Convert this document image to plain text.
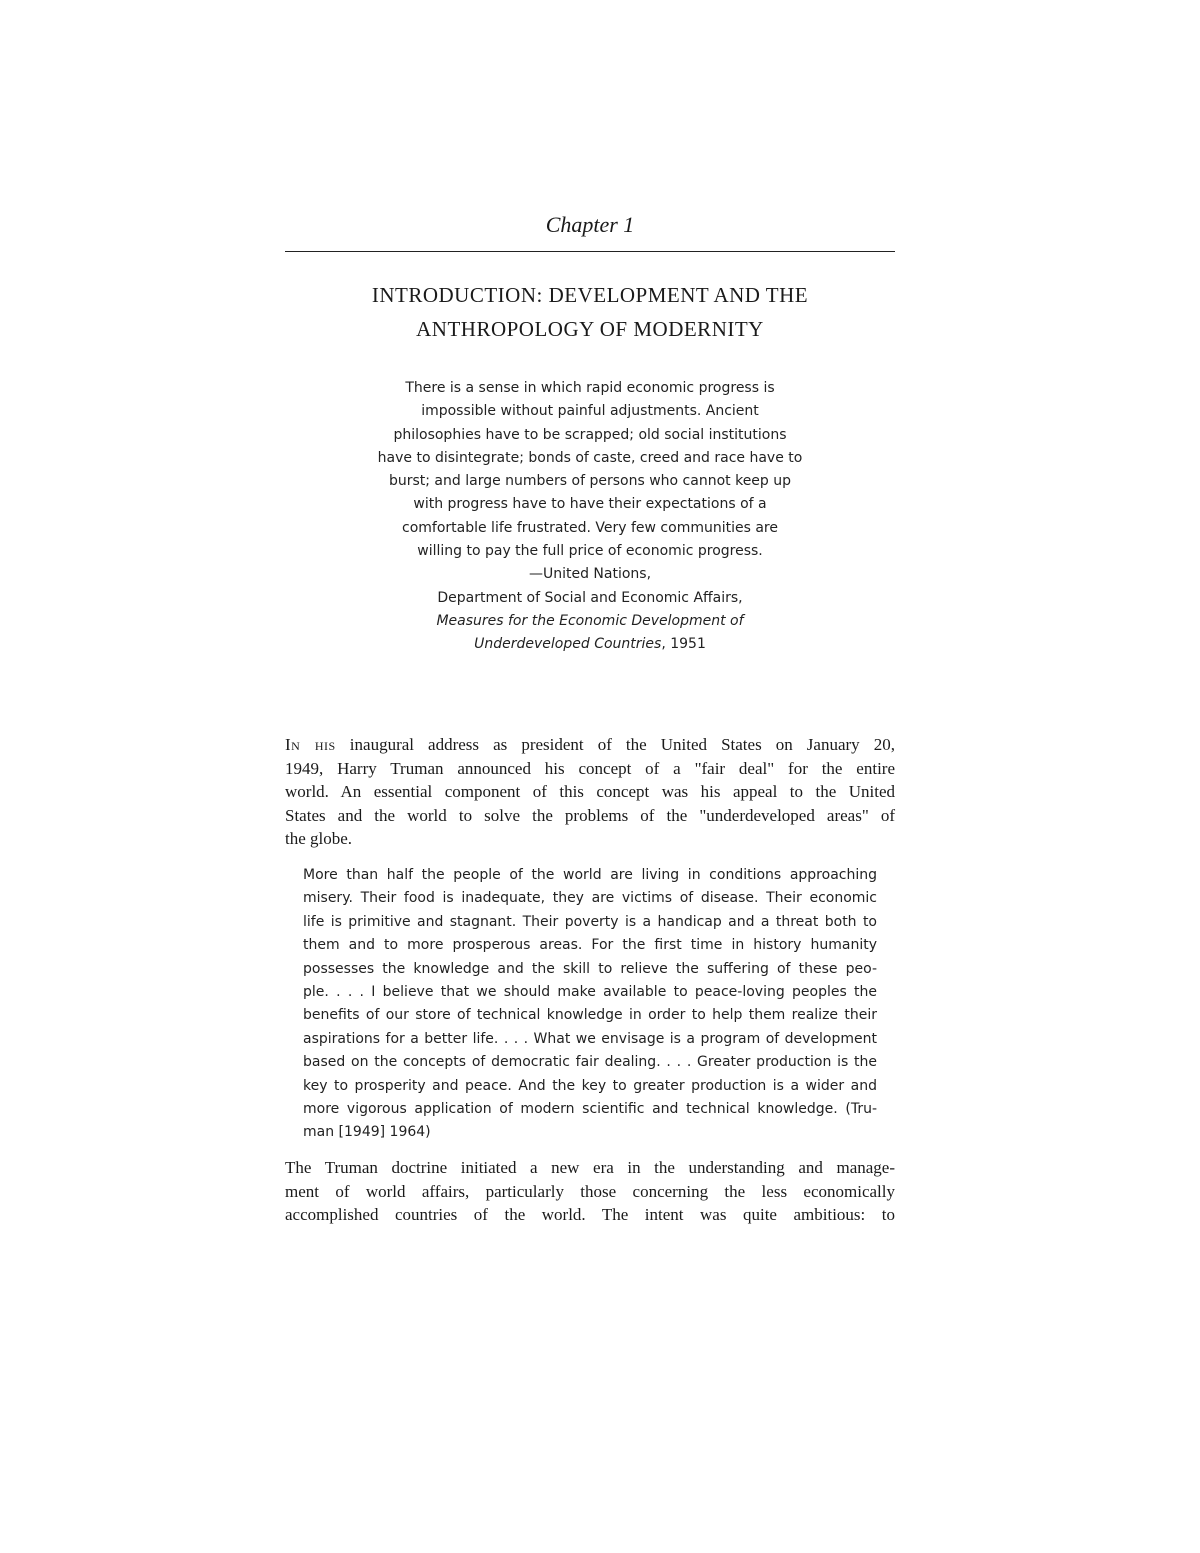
Chapter 1
INTRODUCTION: DEVELOPMENT AND THE
ANTHROPOLOGY OF MODERNITY
There is a sense in which rapid economic progress is
impossible without painful adjustments. Ancient
philosophies have to be scrapped; old social institutions
have to disintegrate; bonds of caste, creed and race have to
burst; and large numbers of persons who cannot keep up
with progress have to have their expectations of a
comfortable life frustrated. Very few communities are
willing to pay the full price of economic progress.
—United Nations,
Department of Social and Economic Affairs,
Measures for the Economic Development of
Underdeveloped Countries, 1951
In his inaugural address as president of the United States on January 20,
1949, Harry Truman announced his concept of a "fair deal" for the entire
world. An essential component of this concept was his appeal to the United
States and the world to solve the problems of the "underdeveloped areas" of
the globe.
More than half the people of the world are living in conditions approaching
misery. Their food is inadequate, they are victims of disease. Their economic
life is primitive and stagnant. Their poverty is a handicap and a threat both to
them and to more prosperous areas. For the first time in history humanity
possesses the knowledge and the skill to relieve the suffering of these peo-
ple. . . . I believe that we should make available to peace-loving peoples the
benefits of our store of technical knowledge in order to help them realize their
aspirations for a better life. . . . What we envisage is a program of development
based on the concepts of democratic fair dealing. . . . Greater production is the
key to prosperity and peace. And the key to greater production is a wider and
more vigorous application of modern scientific and technical knowledge. (Tru-
man [1949] 1964)
The Truman doctrine initiated a new era in the understanding and manage-
ment of world affairs, particularly those concerning the less economically
accomplished countries of the world. The intent was quite ambitious: to
